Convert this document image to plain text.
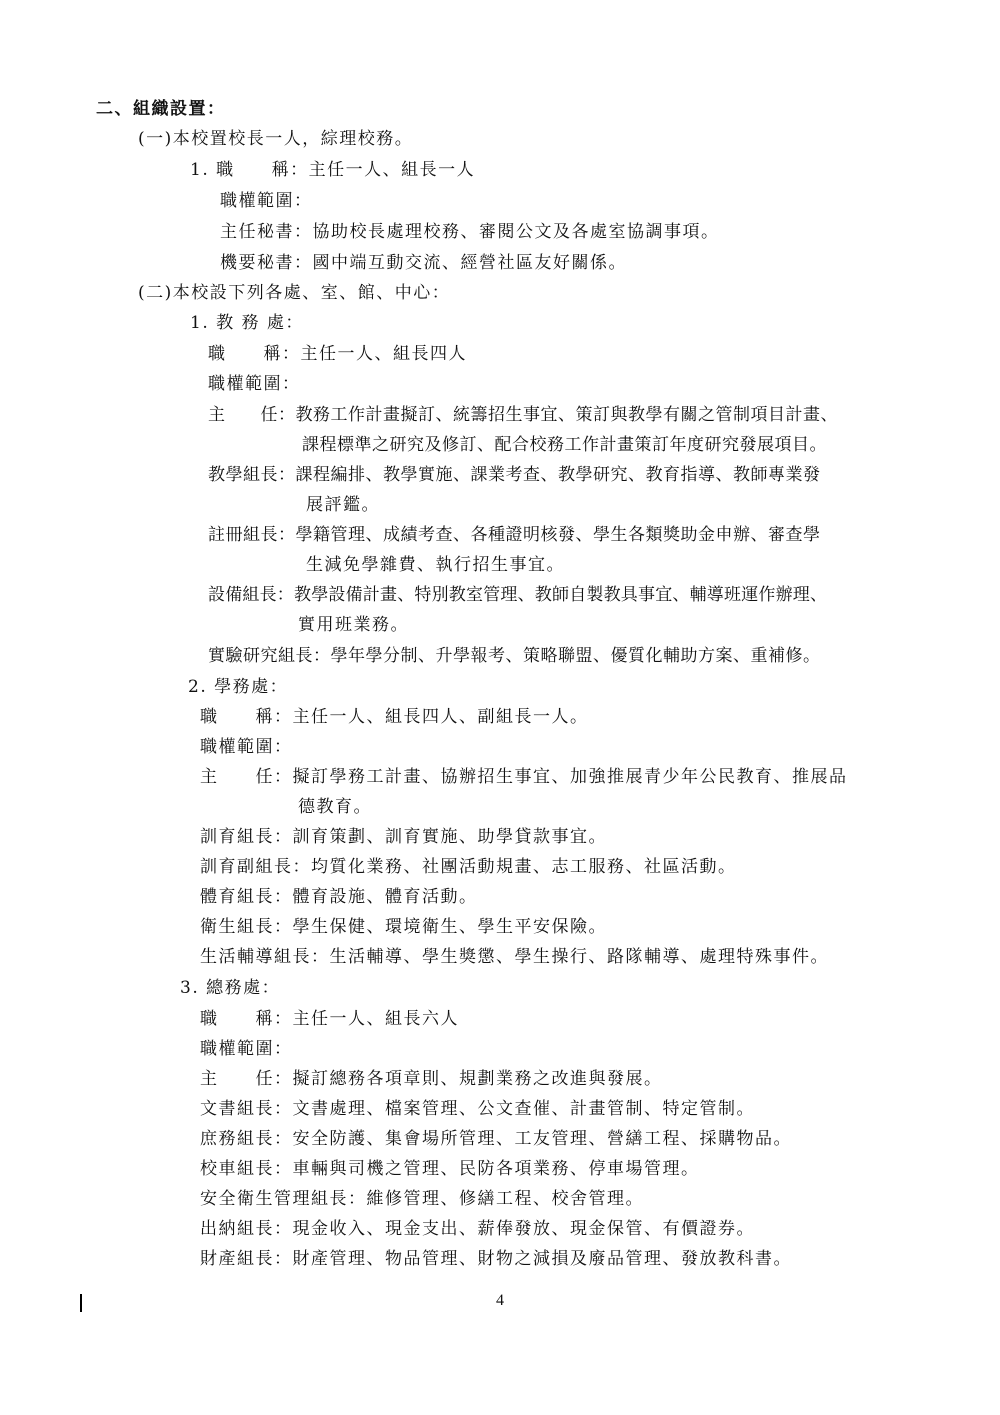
二、組織設置：
(一)本校置校長一人，綜理校務。
1. 職　　稱：主任一人、組長一人
職權範圍：
主任秘書：協助校長處理校務、審閱公文及各處室協調事項。
機要秘書：國中端互動交流、經營社區友好關係。
(二)本校設下列各處、室、館、中心：
1. 教 務 處：
職　　稱：主任一人、組長四人
職權範圍：
主　　任：教務工作計畫擬訂、統籌招生事宜、策訂與教學有關之管制項目計畫、
課程標準之研究及修訂、配合校務工作計畫策訂年度研究發展項目。
教學組長：課程編排、教學實施、課業考查、教學研究、教育指導、教師專業發
展評鑑。
註冊組長：學籍管理、成績考查、各種證明核發、學生各類獎助金申辦、審查學
生減免學雜費、執行招生事宜。
設備組長：教學設備計畫、特別教室管理、教師自製教具事宜、輔導班運作辦理、
實用班業務。
實驗研究組長：學年學分制、升學報考、策略聯盟、優質化輔助方案、重補修。
2. 學務處：
職　　稱：主任一人、組長四人、副組長一人。
職權範圍：
主　　任：擬訂學務工計畫、協辦招生事宜、加強推展青少年公民教育、推展品
德教育。
訓育組長：訓育策劃、訓育實施、助學貸款事宜。
訓育副組長：均質化業務、社團活動規畫、志工服務、社區活動。
體育組長：體育設施、體育活動。
衛生組長：學生保健、環境衛生、學生平安保險。
生活輔導組長：生活輔導、學生獎懲、學生操行、路隊輔導、處理特殊事件。
3. 總務處：
職　　稱：主任一人、組長六人
職權範圍：
主　　任：擬訂總務各項章則、規劃業務之改進與發展。
文書組長：文書處理、檔案管理、公文查催、計畫管制、特定管制。
庶務組長：安全防護、集會場所管理、工友管理、營繕工程、採購物品。
校車組長：車輛與司機之管理、民防各項業務、停車場管理。
安全衛生管理組長：維修管理、修繕工程、校舍管理。
出納組長：現金收入、現金支出、薪俸發放、現金保管、有價證券。
財產組長：財產管理、物品管理、財物之減損及廢品管理、發放教科書。
4
